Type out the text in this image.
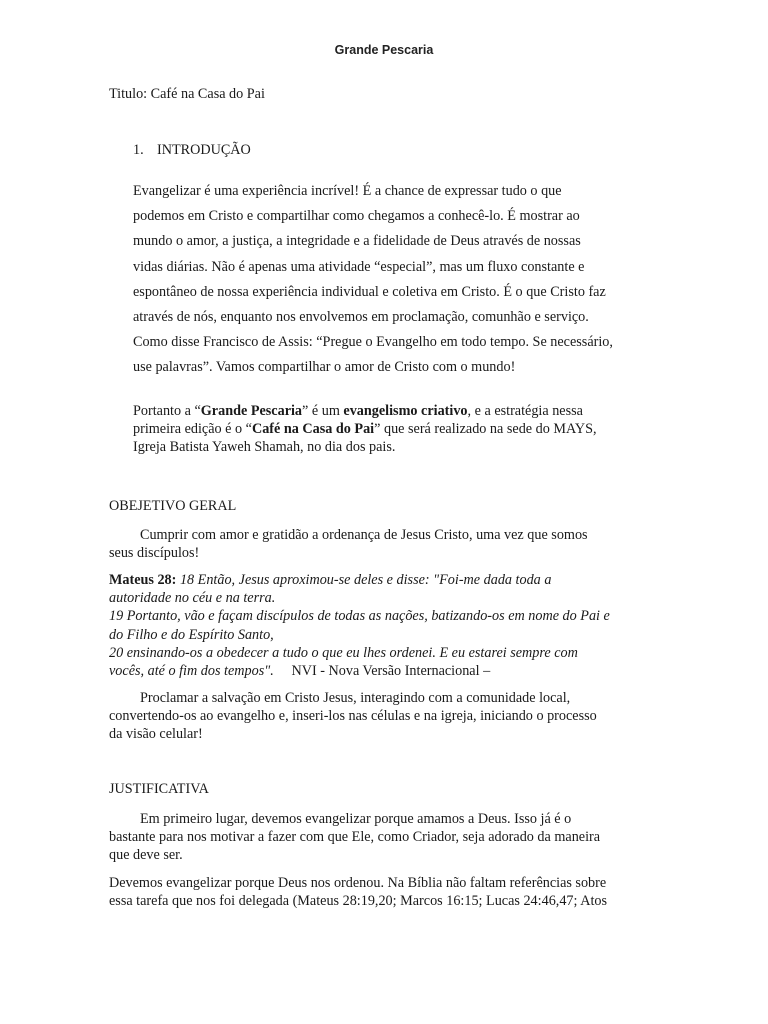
Grande Pescaria
Titulo: Café na Casa do Pai
1. INTRODUÇÃO
Evangelizar é uma experiência incrível! É a chance de expressar tudo o que
podemos em Cristo e compartilhar como chegamos a conhecê-lo. É mostrar ao
mundo o amor, a justiça, a integridade e a fidelidade de Deus através de nossas
vidas diárias. Não é apenas uma atividade “especial”, mas um fluxo constante e
espontâneo de nossa experiência individual e coletiva em Cristo. É o que Cristo faz
através de nós, enquanto nos envolvemos em proclamação, comunhão e serviço.
Como disse Francisco de Assis: “Pregue o Evangelho em todo tempo. Se necessário,
use palavras”. Vamos compartilhar o amor de Cristo com o mundo!
Portanto a “Grande Pescaria” é um evangelismo criativo, e a estratégia nessa
primeira edição é o “Café na Casa do Pai” que será realizado na sede do MAYS,
Igreja Batista Yaweh Shamah, no dia dos pais.
OBEJETIVO GERAL
Cumprir com amor e gratidão a ordenança de Jesus Cristo, uma vez que somos
seus discípulos!
Mateus 28: 18 Então, Jesus aproximou-se deles e disse: "Foi-me dada toda a
autoridade no céu e na terra.
19 Portanto, vão e façam discípulos de todas as nações, batizando-os em nome do Pai e
do Filho e do Espírito Santo,
20 ensinando-os a obedecer a tudo o que eu lhes ordenei. E eu estarei sempre com
vocês, até o fim dos tempos".     NVI - Nova Versão Internacional –
Proclamar a salvação em Cristo Jesus, interagindo com a comunidade local,
convertendo-os ao evangelho e, inseri-los nas células e na igreja, iniciando o processo
da visão celular!
JUSTIFICATIVA
Em primeiro lugar, devemos evangelizar porque amamos a Deus. Isso já é o
bastante para nos motivar a fazer com que Ele, como Criador, seja adorado da maneira
que deve ser.
Devemos evangelizar porque Deus nos ordenou. Na Bíblia não faltam referências sobre
essa tarefa que nos foi delegada (Mateus 28:19,20; Marcos 16:15; Lucas 24:46,47; Atos
